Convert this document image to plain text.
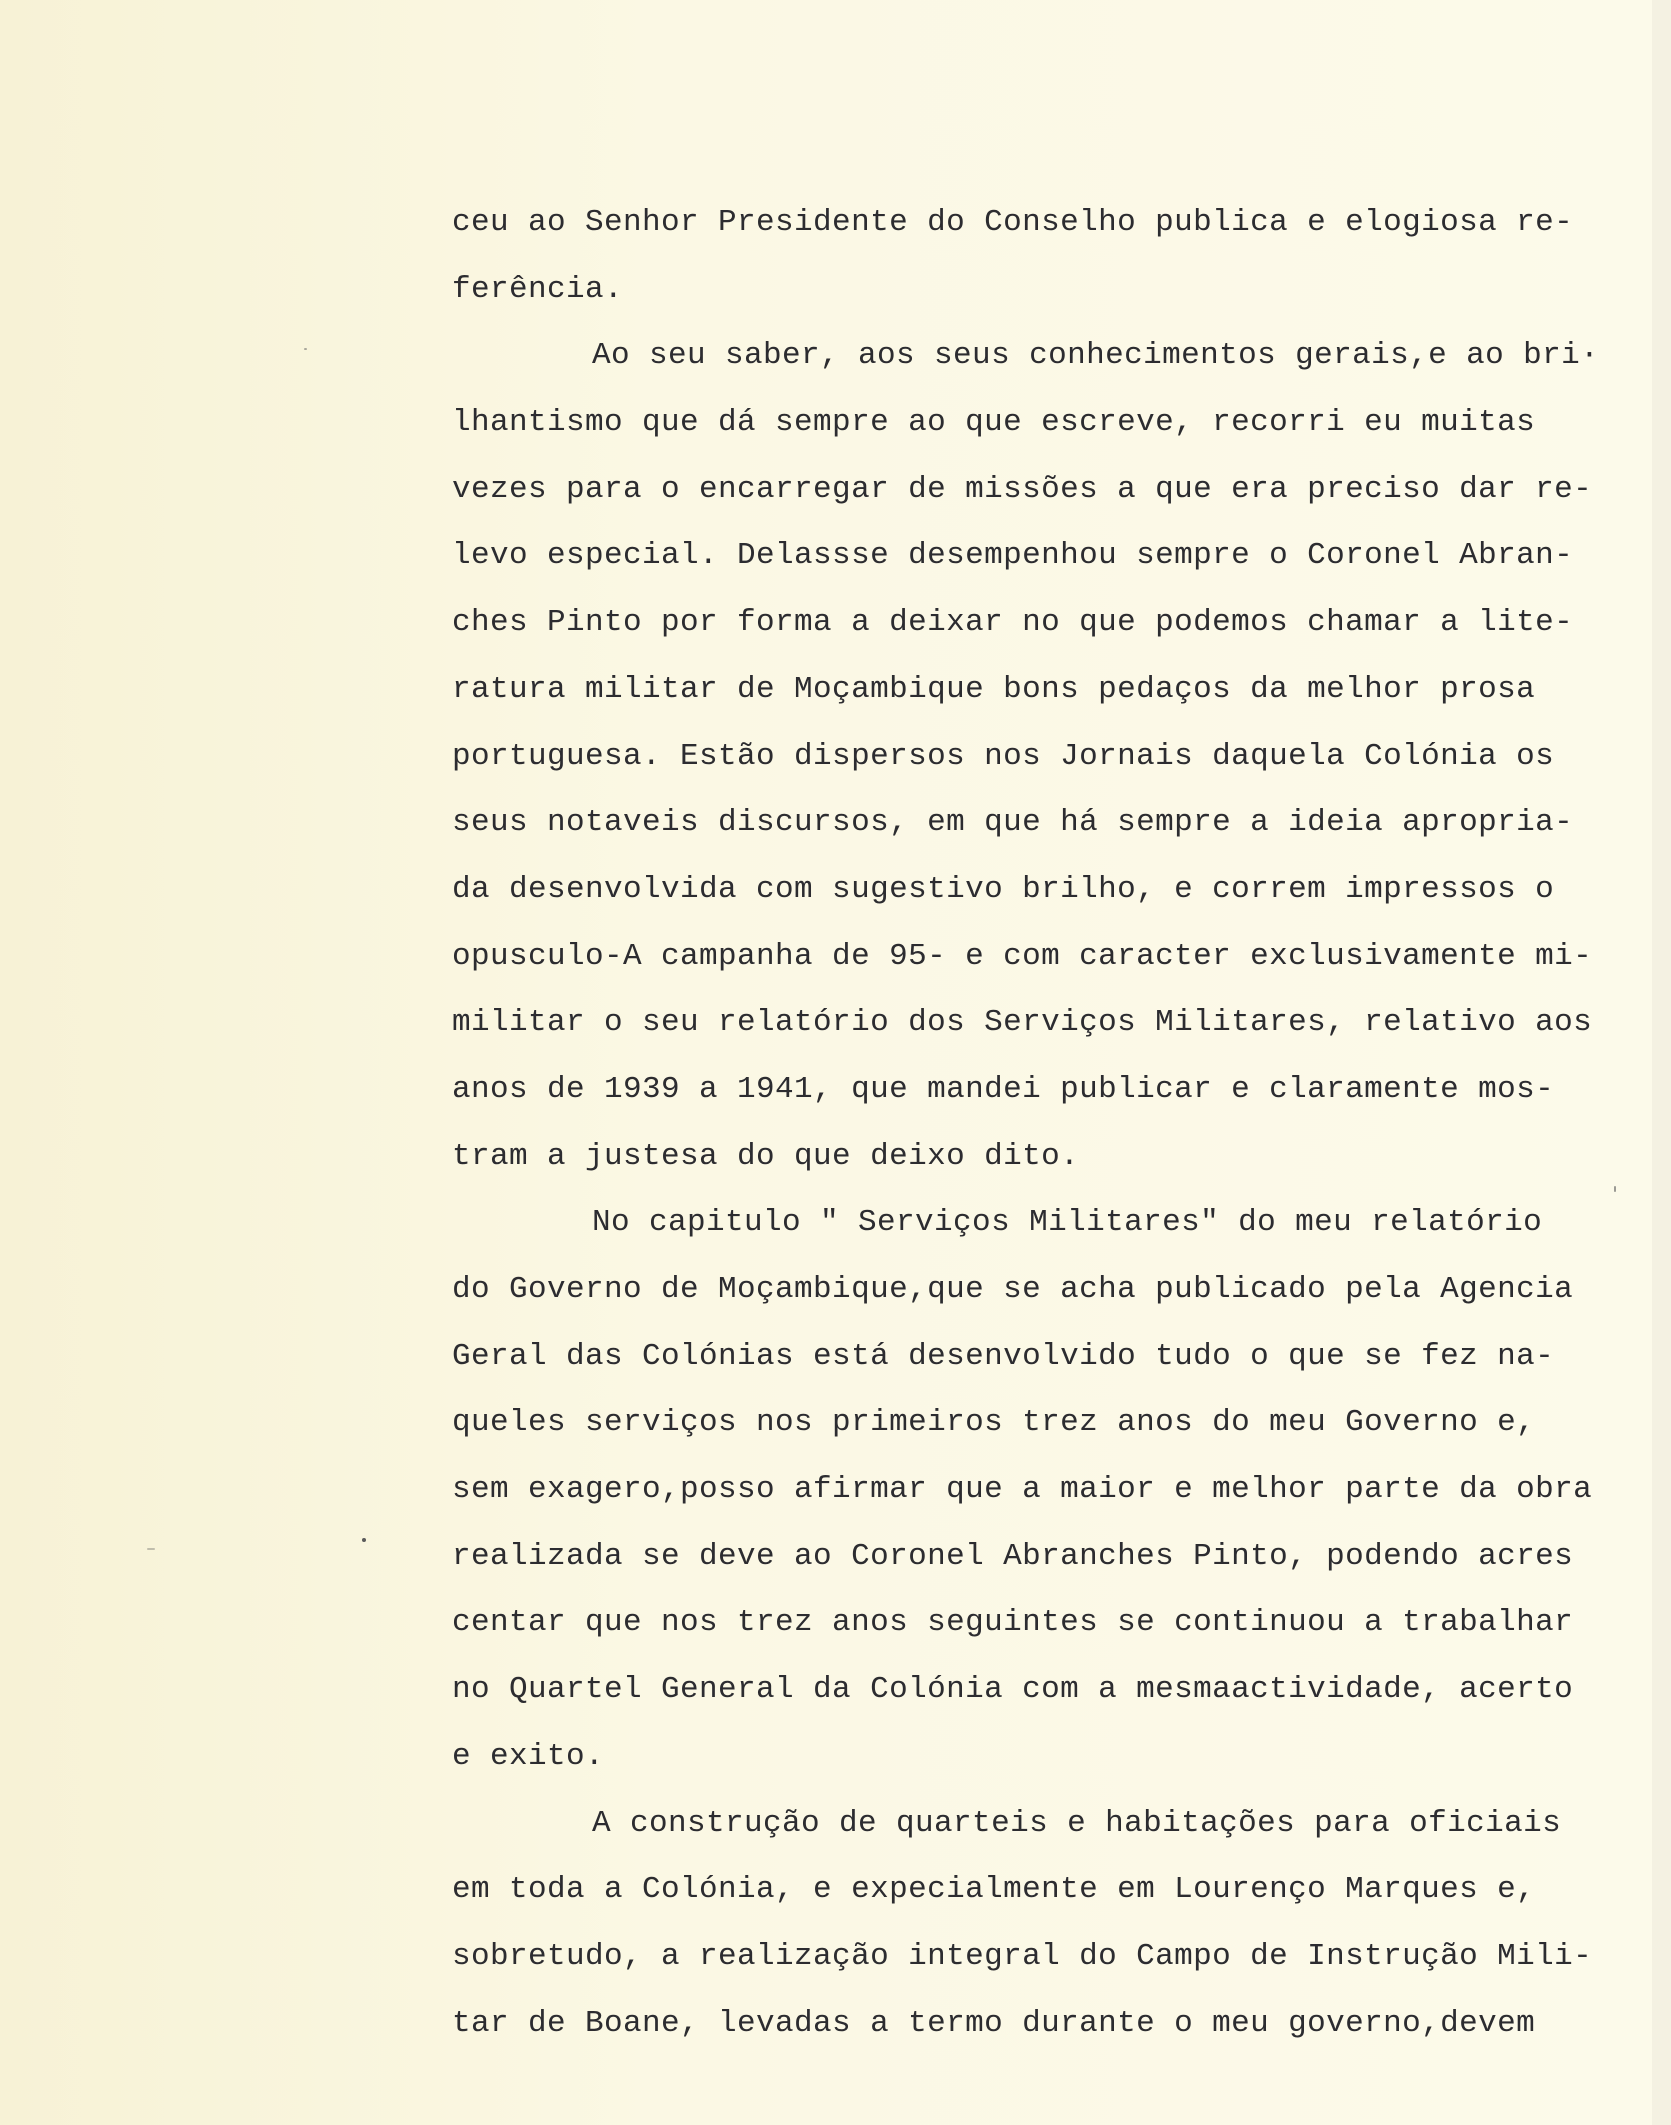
ceu ao Senhor Presidente do Conselho publica e elogiosa re-
ferência.
Ao seu saber, aos seus conhecimentos gerais,e ao bri·
lhantismo que dá sempre ao que escreve, recorri eu muitas
vezes para o encarregar de missões a que era preciso dar re-
levo especial. Delassse desempenhou sempre o Coronel Abran-
ches Pinto por forma a deixar no que podemos chamar a lite-
ratura militar de Moçambique bons pedaços da melhor prosa
portuguesa. Estão dispersos nos Jornais daquela Colónia os
seus notaveis discursos, em que há sempre a ideia apropria-
da desenvolvida com sugestivo brilho, e correm impressos o
opusculo-A campanha de 95- e com caracter exclusivamente mi-
militar o seu relatório dos Serviços Militares, relativo aos
anos de 1939 a 1941, que mandei publicar e claramente mos-
tram a justesa do que deixo dito.
No capitulo " Serviços Militares" do meu relatório
do Governo de Moçambique,que se acha publicado pela Agencia
Geral das Colónias está desenvolvido tudo o que se fez na-
queles serviços nos primeiros trez anos do meu Governo e,
sem exagero,posso afirmar que a maior e melhor parte da obra
realizada se deve ao Coronel Abranches Pinto, podendo acres
centar que nos trez anos seguintes se continuou a trabalhar
no Quartel General da Colónia com a mesmaactividade, acerto
e exito.
A construção de quarteis e habitações para oficiais
em toda a Colónia, e expecialmente em Lourenço Marques e,
sobretudo, a realização integral do Campo de Instrução Mili-
tar de Boane, levadas a termo durante o meu governo,devem
